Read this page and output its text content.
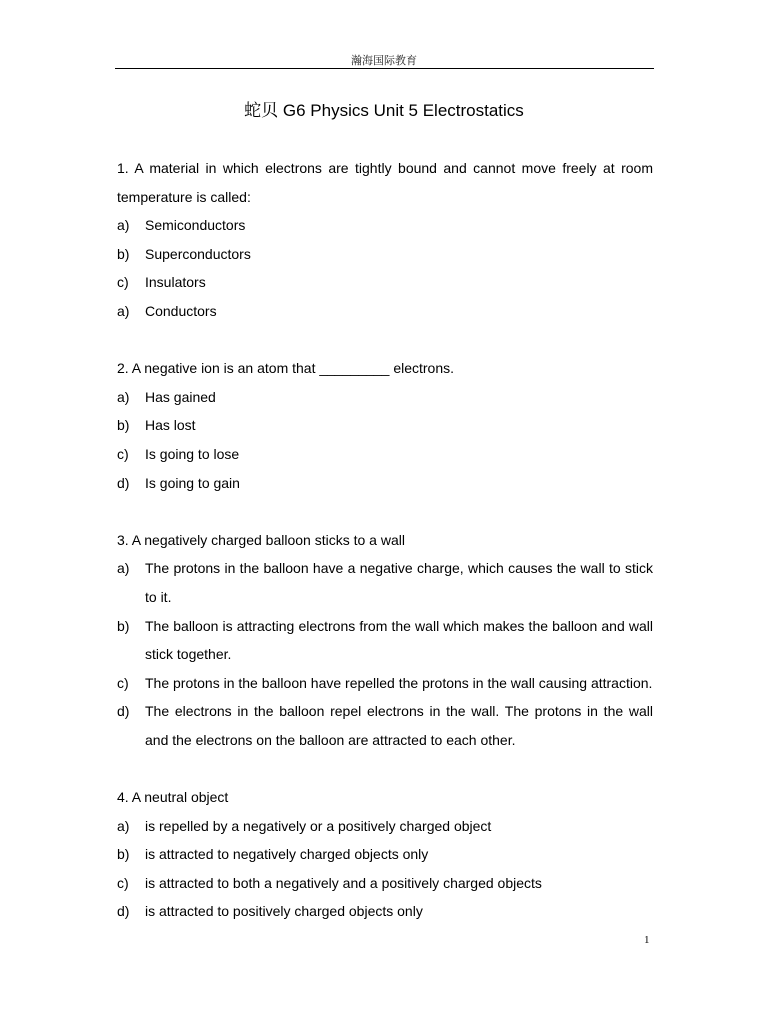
瀚海国际教育
蛇贝 G6 Physics Unit 5 Electrostatics
1. A material in which electrons are tightly bound and cannot move freely at room temperature is called:
a)	Semiconductors
b)	Superconductors
c)	Insulators
a)	Conductors
2. A negative ion is an atom that _________ electrons.
a)	Has gained
b)	Has lost
c)	Is going to lose
d)	Is going to gain
3. A negatively charged balloon sticks to a wall
a)	The protons in the balloon have a negative charge, which causes the wall to stick to it.
b)	The balloon is attracting electrons from the wall which makes the balloon and wall stick together.
c)	The protons in the balloon have repelled the protons in the wall causing attraction.
d)	The electrons in the balloon repel electrons in the wall. The protons in the wall and the electrons on the balloon are attracted to each other.
4. A neutral object
a)	is repelled by a negatively or a positively charged object
b)	is attracted to negatively charged objects only
c)	is attracted to both a negatively and a positively charged objects
d)	is attracted to positively charged objects only
1
